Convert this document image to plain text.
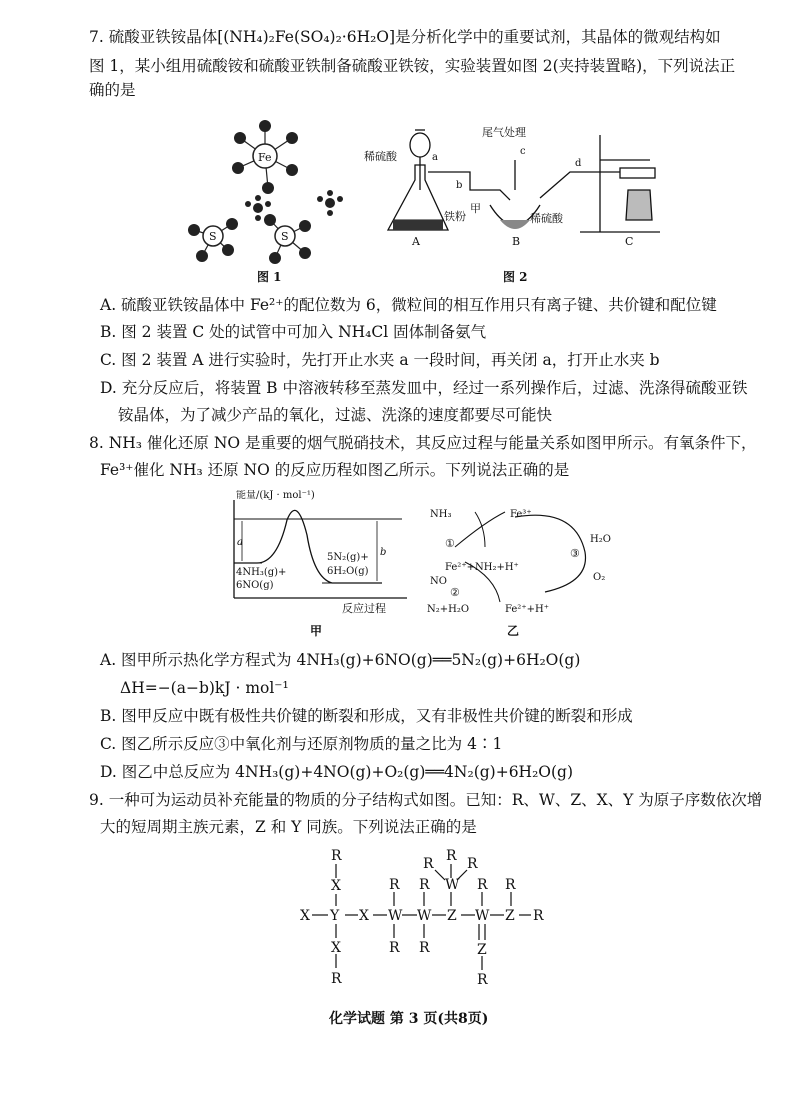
7. 硫酸亚铁铵晶体[(NH₄)₂Fe(SO₄)₂·6H₂O]是分析化学中的重要试剂，其晶体的微观结构如
图 1，某小组用硫酸铵和硫酸亚铁制备硫酸亚铁铵，实验装置如图 2(夹持装置略)，下列说法正
确的是
Fe
S	S
图 1
稀硫酸	a
b
铁粉
A
尾气处理
c
甲
稀硫酸
B
d
C
图 2
A. 硫酸亚铁铵晶体中 Fe²⁺的配位数为 6，微粒间的相互作用只有离子键、共价键和配位键
B. 图 2 装置 C 处的试管中可加入 NH₄Cl 固体制备氨气
C. 图 2 装置 A 进行实验时，先打开止水夹 a 一段时间，再关闭 a，打开止水夹 b
D. 充分反应后，将装置 B 中溶液转移至蒸发皿中，经过一系列操作后，过滤、洗涤得硫酸亚铁
铵晶体，为了减少产品的氧化，过滤、洗涤的速度都要尽可能快
8. NH₃ 催化还原 NO 是重要的烟气脱硝技术，其反应过程与能量关系如图甲所示。有氧条件下，
Fe³⁺催化 NH₃ 还原 NO 的反应历程如图乙所示。下列说法正确的是
能量/(kJ · mol⁻¹)
反应过程
4NH₃(g)+
6NO(g)
5N₂(g)+
6H₂O(g)
a
b
甲
NH₃	Fe³⁺
①
Fe²⁺+NH₂+H⁺
NO
②
N₂+H₂O	Fe²⁺+H⁺
③
H₂O
O₂
乙
A. 图甲所示热化学方程式为 4NH₃(g)+6NO(g)══5N₂(g)+6H₂O(g)
ΔH=−(a−b)kJ · mol⁻¹
B. 图甲反应中既有极性共价键的断裂和形成，又有非极性共价键的断裂和形成
C. 图乙所示反应③中氧化剂与还原剂物质的量之比为 4∶1
D. 图乙中总反应为 4NH₃(g)+4NO(g)+O₂(g)══4N₂(g)+6H₂O(g)
9. 一种可为运动员补充能量的物质的分子结构式如图。已知：R、W、Z、X、Y 为原子序数依次增
大的短周期主族元素，Z 和 Y 同族。下列说法正确的是
X Y X W W Z W Z R
X
R
X
R
R
R
R
R
W
R R R
R
Z
R
R
化学试题 第 3 页(共8页)
